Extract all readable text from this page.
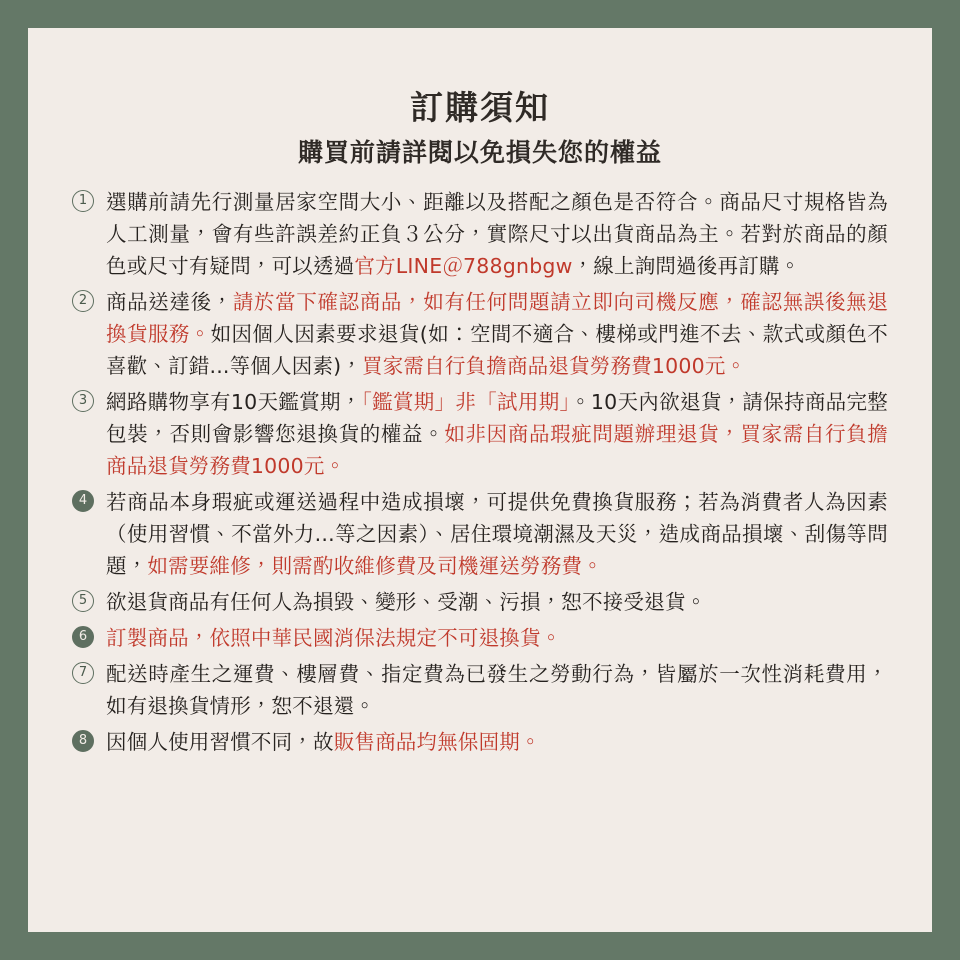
訂購須知
購買前請詳閱以免損失您的權益
1 選購前請先行測量居家空間大小、距離以及搭配之顏色是否符合。商品尺寸規格皆為人工測量，會有些許誤差約正負３公分，實際尺寸以出貨商品為主。若對於商品的顏色或尺寸有疑問，可以透過官方LINE＠788gnbgw，線上詢問過後再訂購。
2 商品送達後，請於當下確認商品，如有任何問題請立即向司機反應，確認無誤後無退換貨服務。如因個人因素要求退貨(如：空間不適合、樓梯或門進不去、款式或顏色不喜歡、訂錯...等個人因素)，買家需自行負擔商品退貨勞務費1000元。
3 網路購物享有10天鑑賞期，「鑑賞期」非「試用期」。10天內欲退貨，請保持商品完整包裝，否則會影響您退換貨的權益。如非因商品瑕疵問題辦理退貨，買家需自行負擔商品退貨勞務費1000元。
4 若商品本身瑕疵或運送過程中造成損壞，可提供免費換貨服務；若為消費者人為因素（使用習慣、不當外力...等之因素）、居住環境潮濕及天災，造成商品損壞、刮傷等問題，如需要維修，則需酌收維修費及司機運送勞務費。
5 欲退貨商品有任何人為損毀、變形、受潮、污損，恕不接受退貨。
6 訂製商品，依照中華民國消保法規定不可退換貨。
7 配送時產生之運費、樓層費、指定費為已發生之勞動行為，皆屬於一次性消耗費用，如有退換貨情形，恕不退還。
8 因個人使用習慣不同，故販售商品均無保固期。
